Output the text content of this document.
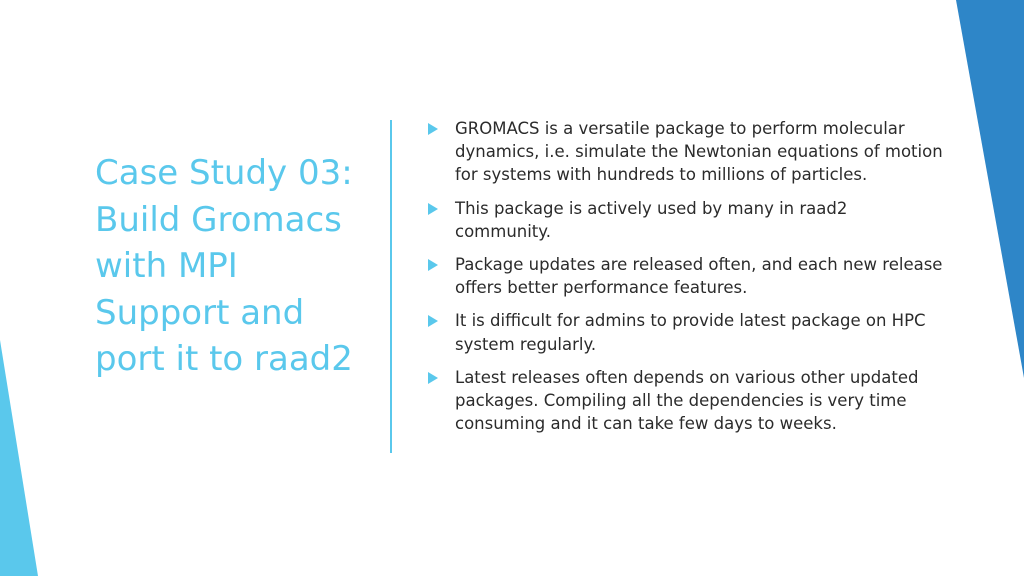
Case Study 03: Build Gromacs with MPI Support and port it to raad2
GROMACS is a versatile package to perform molecular dynamics, i.e. simulate the Newtonian equations of motion for systems with hundreds to millions of particles.
This package is actively used by many in raad2 community.
Package updates are released often, and each new release offers better performance features.
It is difficult for admins to provide latest package on HPC system regularly.
Latest releases often depends on various other updated packages. Compiling all the dependencies is very time consuming and it can take few days to weeks.
